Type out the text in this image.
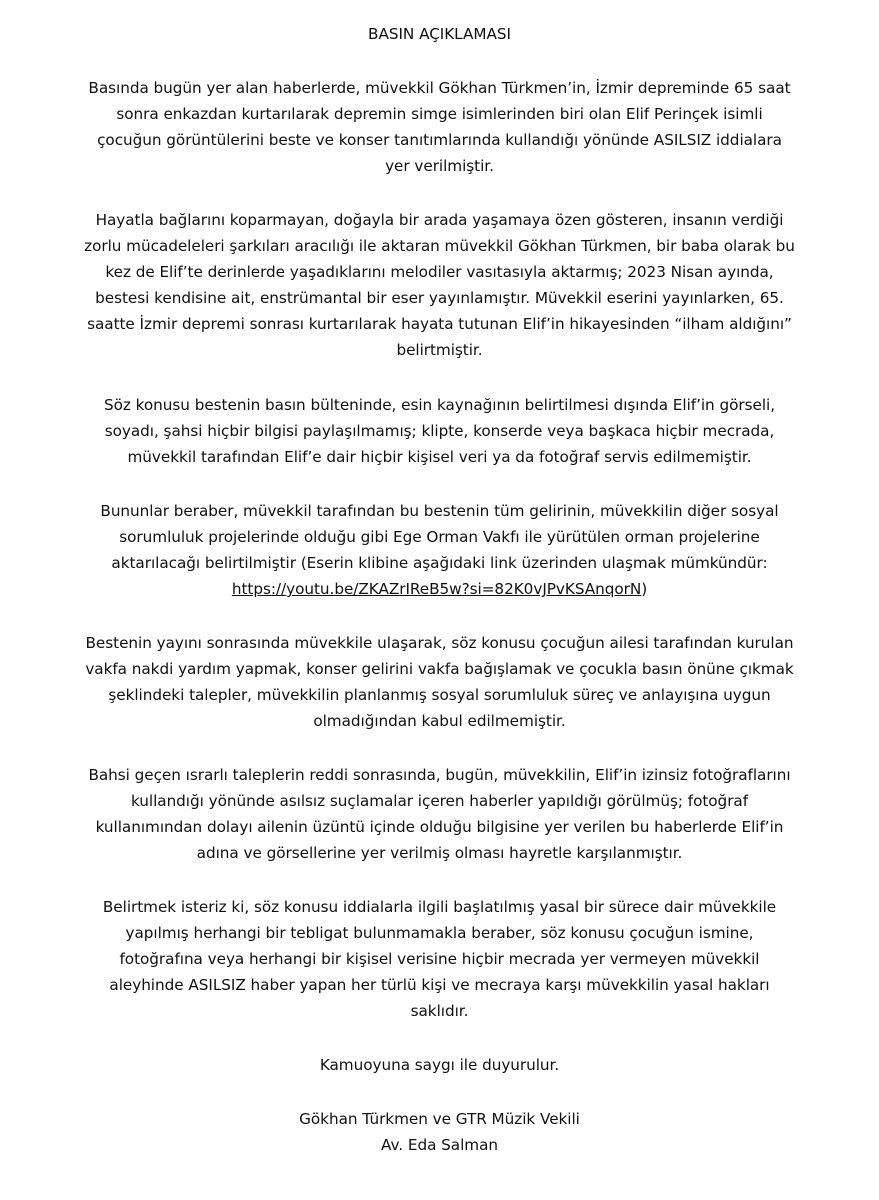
BASIN AÇIKLAMASI
Basında bugün yer alan haberlerde, müvekkil Gökhan Türkmen’in, İzmir depreminde 65 saat
sonra enkazdan kurtarılarak depremin simge isimlerinden biri olan Elif Perinçek isimli
çocuğun görüntülerini beste ve konser tanıtımlarında kullandığı yönünde ASILSIZ iddialara
yer verilmiştir.
Hayatla bağlarını koparmayan, doğayla bir arada yaşamaya özen gösteren, insanın verdiği
zorlu mücadeleleri şarkıları aracılığı ile aktaran müvekkil Gökhan Türkmen, bir baba olarak bu
kez de Elif’te derinlerde yaşadıklarını melodiler vasıtasıyla aktarmış; 2023 Nisan ayında,
bestesi kendisine ait, enstrümantal bir eser yayınlamıştır. Müvekkil eserini yayınlarken, 65.
saatte İzmir depremi sonrası kurtarılarak hayata tutunan Elif’in hikayesinden “ilham aldığını”
belirtmiştir.
Söz konusu bestenin basın bülteninde, esin kaynağının belirtilmesi dışında Elif’in görseli,
soyadı, şahsi hiçbir bilgisi paylaşılmamış; klipte, konserde veya başkaca hiçbir mecrada,
müvekkil tarafından Elif’e dair hiçbir kişisel veri ya da fotoğraf servis edilmemiştir.
Bununlar beraber, müvekkil tarafından bu bestenin tüm gelirinin, müvekkilin diğer sosyal
sorumluluk projelerinde olduğu gibi Ege Orman Vakfı ile yürütülen orman projelerine
aktarılacağı belirtilmiştir (Eserin klibine aşağıdaki link üzerinden ulaşmak mümkündür:
https://youtu.be/ZKAZrIReB5w?si=82K0vJPvKSAnqorN)
Bestenin yayını sonrasında müvekkile ulaşarak, söz konusu çocuğun ailesi tarafından kurulan
vakfa nakdi yardım yapmak, konser gelirini vakfa bağışlamak ve çocukla basın önüne çıkmak
şeklindeki talepler, müvekkilin planlanmış sosyal sorumluluk süreç ve anlayışına uygun
olmadığından kabul edilmemiştir.
Bahsi geçen ısrarlı taleplerin reddi sonrasında, bugün, müvekkilin, Elif’in izinsiz fotoğraflarını
kullandığı yönünde asılsız suçlamalar içeren haberler yapıldığı görülmüş; fotoğraf
kullanımından dolayı ailenin üzüntü içinde olduğu bilgisine yer verilen bu haberlerde Elif’in
adına ve görsellerine yer verilmiş olması hayretle karşılanmıştır.
Belirtmek isteriz ki, söz konusu iddialarla ilgili başlatılmış yasal bir sürece dair müvekkile
yapılmış herhangi bir tebligat bulunmamakla beraber, söz konusu çocuğun ismine,
fotoğrafına veya herhangi bir kişisel verisine hiçbir mecrada yer vermeyen müvekkil
aleyhinde ASILSIZ haber yapan her türlü kişi ve mecraya karşı müvekkilin yasal hakları
saklıdır.
Kamuoyuna saygı ile duyurulur.
Gökhan Türkmen ve GTR Müzik Vekili
Av. Eda Salman
